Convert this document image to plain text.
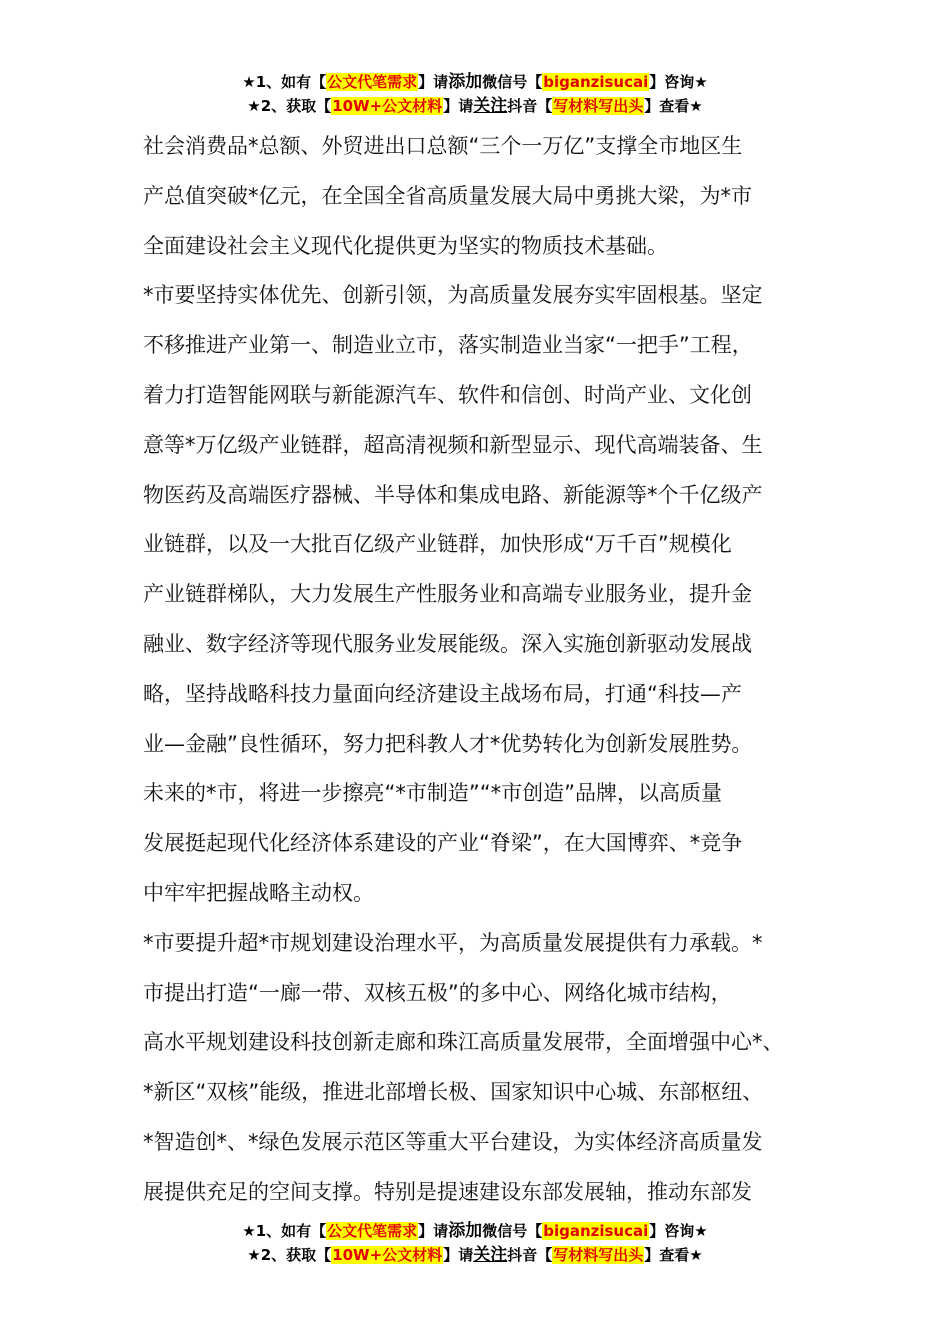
★1、如有【公文代笔需求】请添加微信号【biganzisucai】咨询★
★2、获取【10W+公文材料】请关注抖音【写材料写出头】查看★
社会消费品*总额、外贸进出口总额“三个一万亿”支撑全市地区生
产总值突破*亿元，在全国全省高质量发展大局中勇挑大梁，为*市
全面建设社会主义现代化提供更为坚实的物质技术基础。
*市要坚持实体优先、创新引领，为高质量发展夯实牢固根基。坚定
不移推进产业第一、制造业立市，落实制造业当家“一把手”工程，
着力打造智能网联与新能源汽车、软件和信创、时尚产业、文化创
意等*万亿级产业链群，超高清视频和新型显示、现代高端装备、生
物医药及高端医疗器械、半导体和集成电路、新能源等*个千亿级产
业链群，以及一大批百亿级产业链群，加快形成“万千百”规模化
产业链群梯队，大力发展生产性服务业和高端专业服务业，提升金
融业、数字经济等现代服务业发展能级。深入实施创新驱动发展战
略，坚持战略科技力量面向经济建设主战场布局，打通“科技—产
业—金融”良性循环，努力把科教人才*优势转化为创新发展胜势。
未来的*市，将进一步擦亮“*市制造”“*市创造”品牌，以高质量
发展挺起现代化经济体系建设的产业“脊梁”，在大国博弈、*竞争
中牢牢把握战略主动权。
*市要提升超*市规划建设治理水平，为高质量发展提供有力承载。*
市提出打造“一廊一带、双核五极”的多中心、网络化城市结构，
高水平规划建设科技创新走廊和珠江高质量发展带，全面增强中心*、
*新区“双核”能级，推进北部增长极、国家知识中心城、东部枢纽、
*智造创*、*绿色发展示范区等重大平台建设，为实体经济高质量发
展提供充足的空间支撑。特别是提速建设东部发展轴，推动东部发
★1、如有【公文代笔需求】请添加微信号【biganzisucai】咨询★
★2、获取【10W+公文材料】请关注抖音【写材料写出头】查看★
